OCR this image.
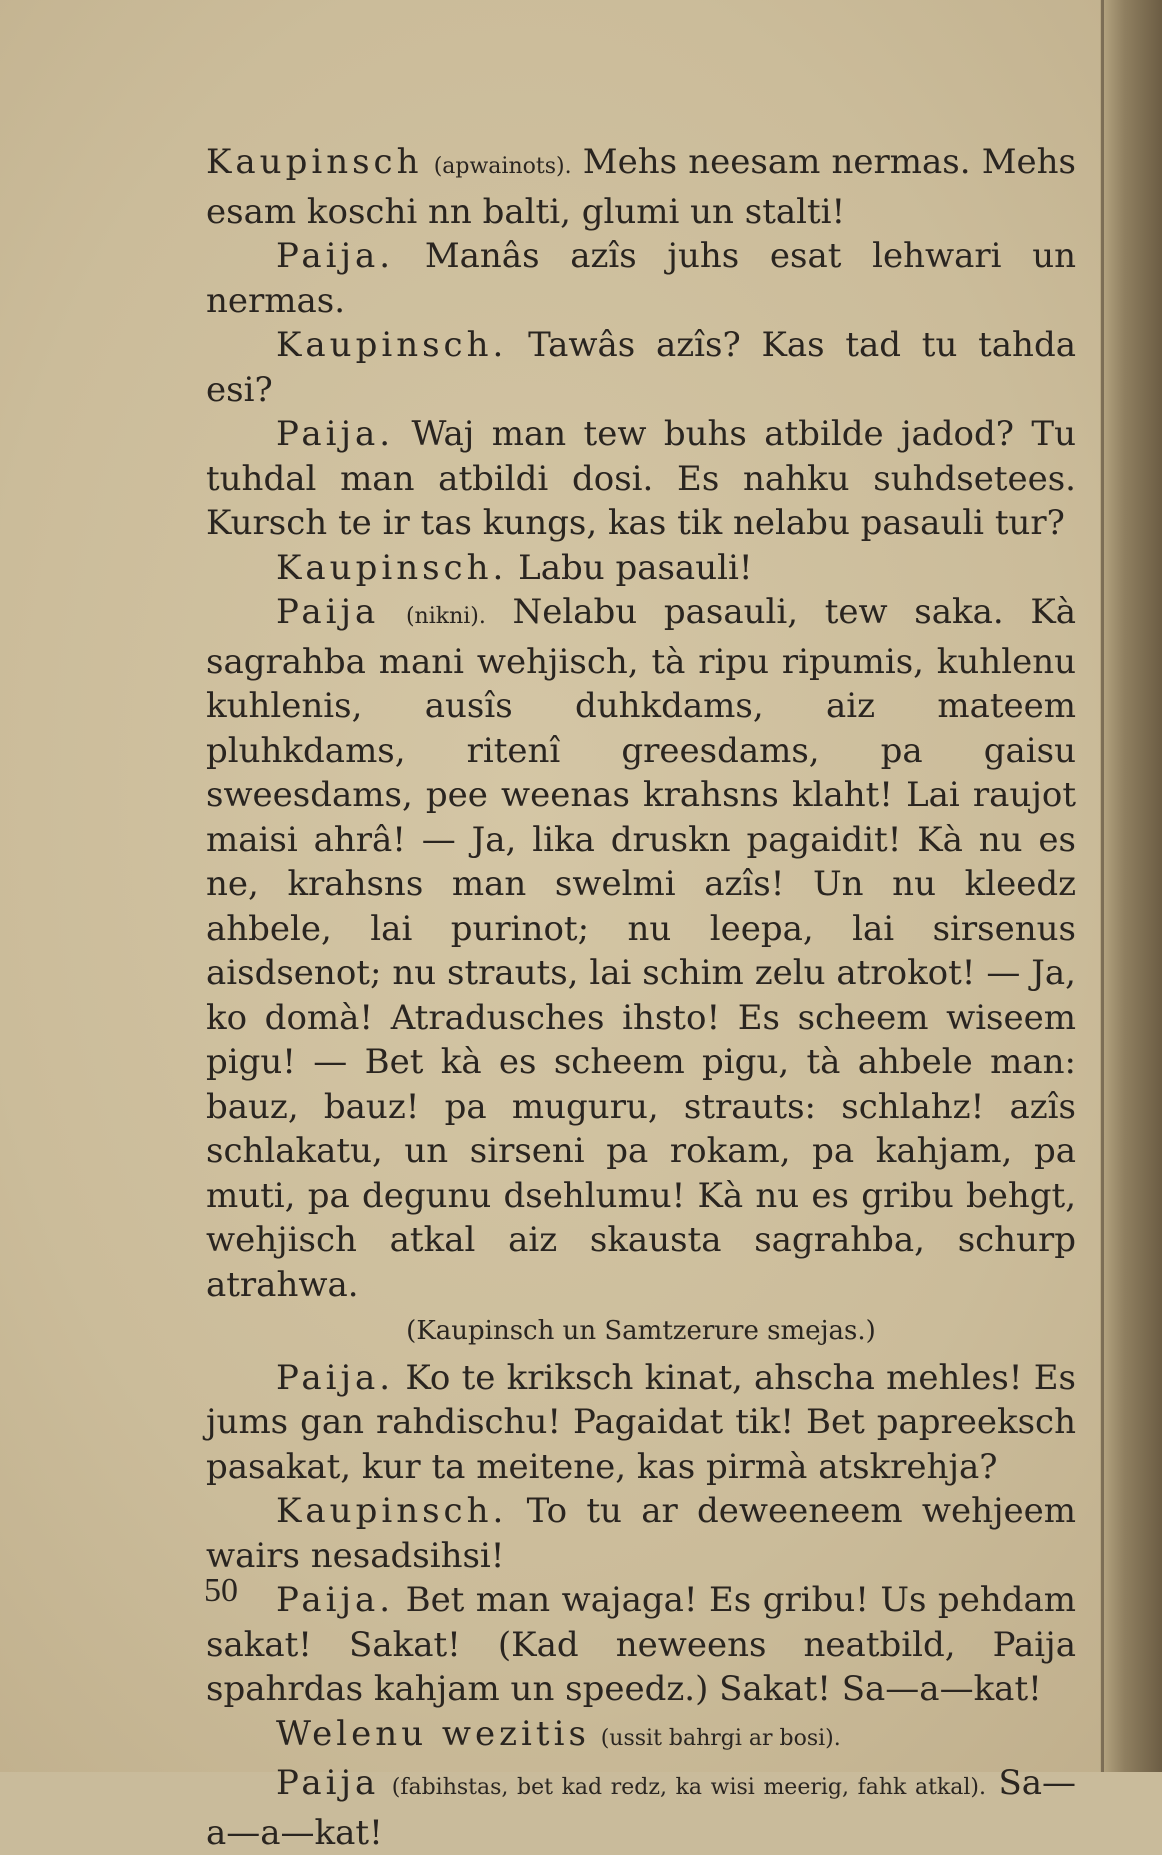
Kaupinsch (apwainots). Mehs neesam nermas. Mehs esam koschi nn balti, glumi un stalti!

Paija. Manâs azîs juhs esat lehwari un nermas.

Kaupinsch. Tawâs azîs? Kas tad tu tahda esi?

Paija. Waj man tew buhs atbilde jadod? Tu tuhdal man atbildi dosi. Es nahku suhdsetees. Kursch te ir tas kungs, kas tik nelabu pasauli tur?

Kaupinsch. Labu pasauli!

Paija (nikni). Nelabu pasauli, tew saka. Kà sagrahba mani wehjisch, tà ripu ripumis, kuhlenu kuhlenis, ausîs duhkdams, aiz mateem pluhkdams, ritenî greesdams, pa gaisu sweesdams, pee weenas krahsns klaht! Lai raujot maisi ahrâ! — Ja, lika druskn pagaidit! Kà nu es ne, krahsns man swelmi azîs! Un nu kleedz ahbele, lai purinot; nu leepa, lai sirsenus aisdsenot; nu strauts, lai schim zelu atrokot! — Ja, ko domà! Atradusches ihsto! Es scheem wiseem pigu! — Bet kà es scheem pigu, tà ahbele man: bauz, bauz! pa muguru, strauts: schlahz! azîs schlakatu, un sirseni pa rokam, pa kahjam, pa muti, pa degunu dsehlumu! Kà nu es gribu behgt, wehjisch atkal aiz skausta sagrahba, schurp atrahwa.

(Kaupinsch un Samtzerure smejas.)

Paija. Ko te kriksch kinat, ahscha mehles! Es jums gan rahdischu! Pagaidat tik! Bet papreeksch pasakat, kur ta meitene, kas pirmà atskrehja?

Kaupinsch. To tu ar deweeneem wehjeem wairs nesadsihsi!

Paija. Bet man wajaga! Es gribu! Us pehdam sakat! Sakat! (Kad neweens neatbild, Paija spahrdas kahjam un speedz.) Sakat! Sa—a—kat!

Welenu wezitis (ussit bahrgi ar bosi).

Paija (fabihstas, bet kad redz, ka wisi meerig, fahk atkal). Sa—a—a—kat!

50
